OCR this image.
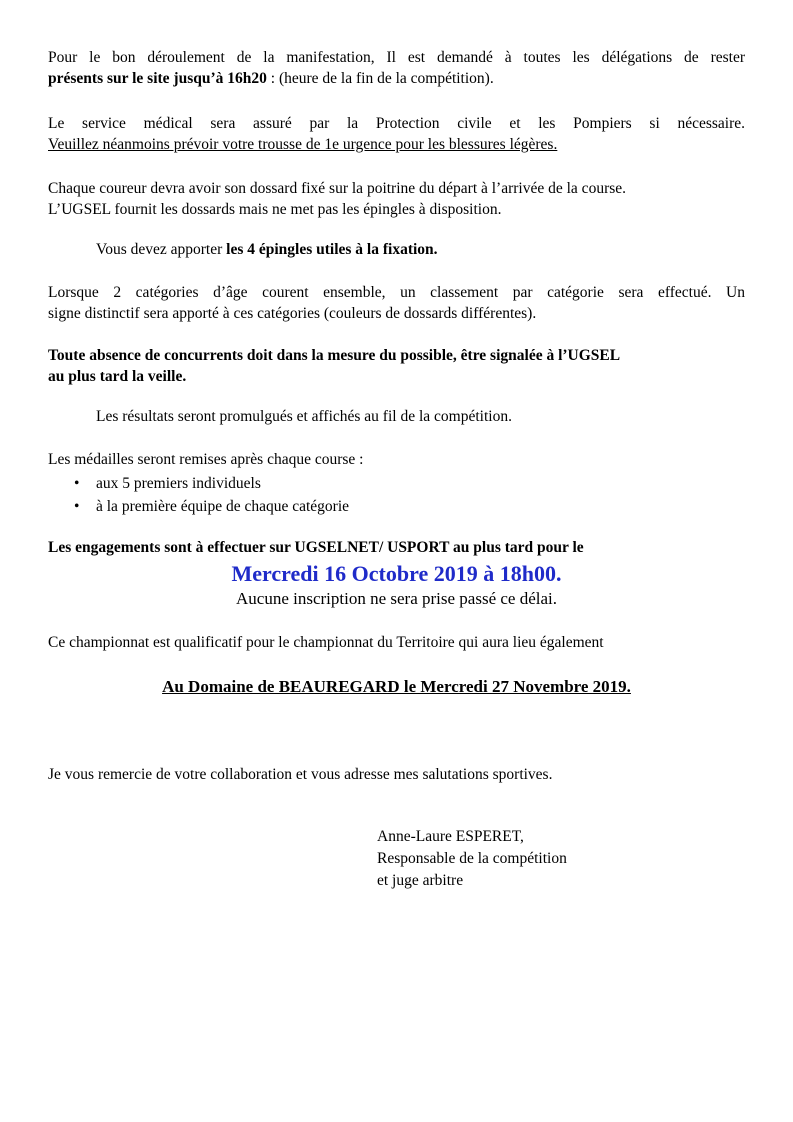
Pour le bon déroulement de la manifestation, Il est demandé à toutes les délégations de rester
présents sur le site jusqu’à 16h20 : (heure de la fin de la compétition).
Le service médical sera assuré par la Protection civile et les Pompiers si nécessaire.
Veuillez néanmoins prévoir votre trousse de 1e urgence pour les blessures légères.
Chaque coureur devra avoir son dossard fixé sur la poitrine du départ à l’arrivée de la course.
L’UGSEL fournit les dossards mais ne met pas les épingles à disposition.
Vous devez apporter les 4 épingles utiles à la fixation.
Lorsque 2 catégories d’âge courent ensemble, un classement par catégorie sera effectué. Un
signe distinctif sera apporté à ces catégories (couleurs de dossards différentes).
Toute absence de concurrents doit dans la mesure du possible, être signalée à l’UGSEL
au plus tard la veille.
Les résultats seront promulgués et affichés au fil de la compétition.
Les médailles seront remises après chaque course :
• aux 5 premiers individuels
• à la première équipe de chaque catégorie
Les engagements sont à effectuer sur UGSELNET/ USPORT au plus tard pour le
Mercredi 16 Octobre 2019 à 18h00.
Aucune inscription ne sera prise passé ce délai.
Ce championnat est qualificatif pour le championnat du Territoire qui aura lieu également
Au Domaine de BEAUREGARD le Mercredi 27 Novembre 2019.
Je vous remercie de votre collaboration et vous adresse mes salutations sportives.
Anne-Laure ESPERET,
Responsable de la compétition
et juge arbitre
